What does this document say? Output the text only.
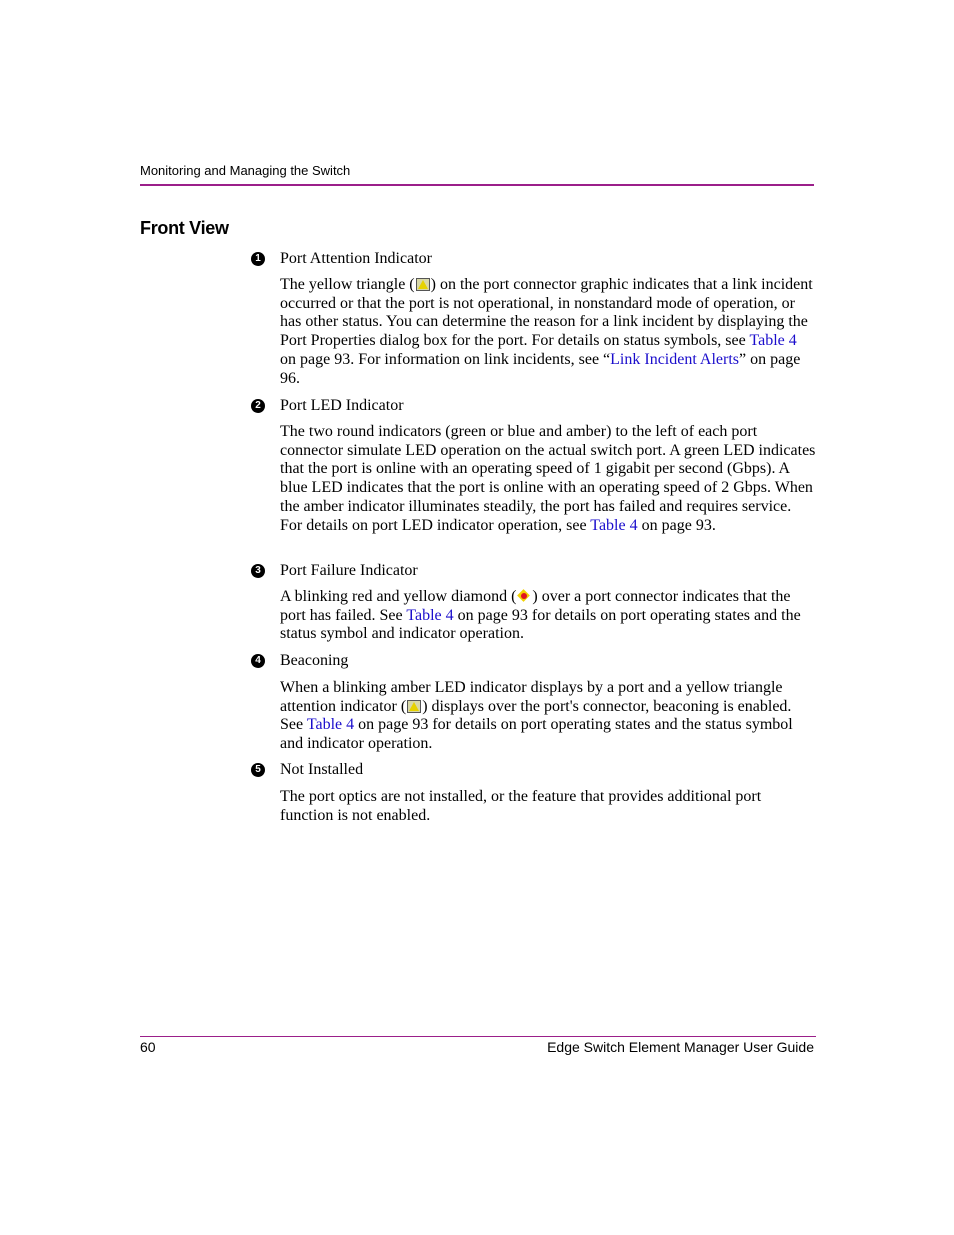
Monitoring and Managing the Switch
Front View
1 Port Attention Indicator
The yellow triangle ( ) on the port connector graphic indicates that a link incident occurred or that the port is not operational, in nonstandard mode of operation, or has other status. You can determine the reason for a link incident by displaying the Port Properties dialog box for the port. For details on status symbols, see Table 4 on page 93. For information on link incidents, see “Link Incident Alerts” on page 96.
2 Port LED Indicator
The two round indicators (green or blue and amber) to the left of each port connector simulate LED operation on the actual switch port. A green LED indicates that the port is online with an operating speed of 1 gigabit per second (Gbps). A blue LED indicates that the port is online with an operating speed of 2 Gbps. When the amber indicator illuminates steadily, the port has failed and requires service. For details on port LED indicator operation, see Table 4 on page 93.
3 Port Failure Indicator
A blinking red and yellow diamond ( ) over a port connector indicates that the port has failed. See Table 4 on page 93 for details on port operating states and the status symbol and indicator operation.
4 Beaconing
When a blinking amber LED indicator displays by a port and a yellow triangle attention indicator ( ) displays over the port's connector, beaconing is enabled. See Table 4 on page 93 for details on port operating states and the status symbol and indicator operation.
5 Not Installed
The port optics are not installed, or the feature that provides additional port function is not enabled.
60	Edge Switch Element Manager User Guide
